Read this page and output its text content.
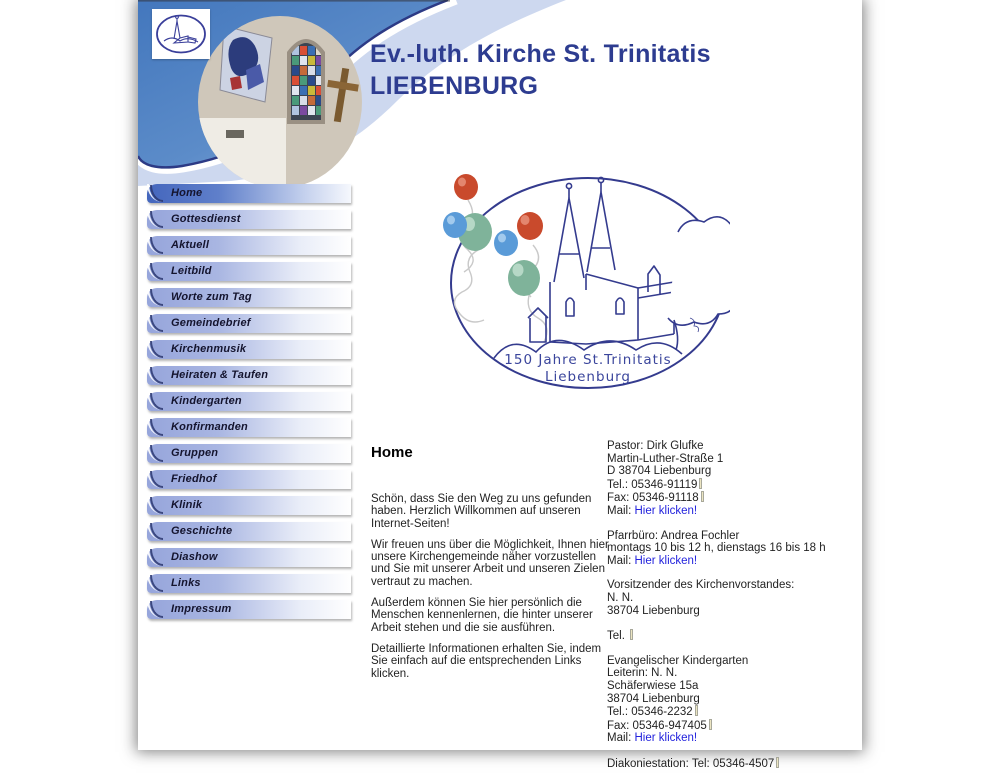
Ev.-luth. Kirche St. Trinitatis
LIEBENBURG
Home
Gottesdienst
Aktuell
Leitbild
Worte zum Tag
Gemeindebrief
Kirchenmusik
Heiraten & Taufen
Kindergarten
Konfirmanden
Gruppen
Friedhof
Klinik
Geschichte
Diashow
Links
Impressum
150 Jahre St.Trinitatis
Liebenburg
Home

Schön, dass Sie den Weg zu uns gefunden haben. Herzlich Willkommen auf unseren Internet-Seiten!

Wir freuen uns über die Möglichkeit, Ihnen hier unsere Kirchengemeinde näher vorzustellen und Sie mit unserer Arbeit und unseren Zielen vertraut zu machen.

Außerdem können Sie hier persönlich die Menschen kennenlernen, die hinter unserer Arbeit stehen und die sie ausführen.

Detaillierte Informationen erhalten Sie, indem Sie einfach auf die entsprechenden Links klicken.

Pastor: Dirk Glufke
Martin-Luther-Straße 1
D 38704 Liebenburg
Tel.: 05346-91119
Fax: 05346-91118
Mail: Hier klicken!
Pfarrbüro: Andrea Fochler
montags 10 bis 12 h, dienstags 16 bis 18 h
Mail: Hier klicken!
Vorsitzender des Kirchenvorstandes:
N. N.
38704 Liebenburg
Tel.
Evangelischer Kindergarten
Leiterin: N. N.
Schäferwiese 15a
38704 Liebenburg
Tel.: 05346-2232
Fax: 05346-947405
Mail: Hier klicken!
Diakoniestation: Tel: 05346-4507
